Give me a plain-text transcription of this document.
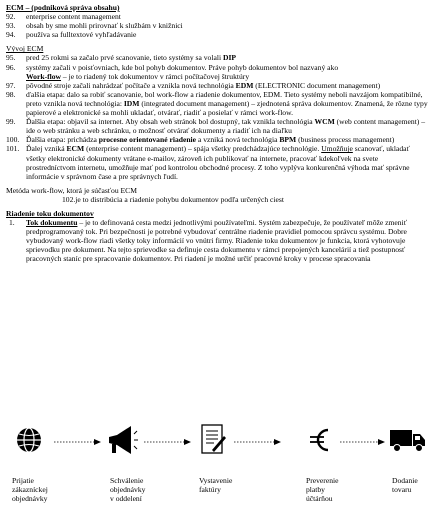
ECM – (podniková správa obsahu)
92.	enterprise content management
93.	obsah by sme mohli prirovnať k službám v knižnici
94.	používa sa fulltextové vyhľadávanie
Vývoj ECM
95.	pred 25 rokmi sa začalo prvé scanovanie, tieto systémy sa volali DIP
96.	systémy začali v poisťovniach, kde bol pohyb dokumentov. Práve pohyb dokumentov bol nazvaný ako
Work-flow – je to riadený tok dokumentov v rámci počítačovej štruktúry
97.	pôvodné stroje začali nahrádzať počítače a vznikla nová technológia EDM (ELECTRONIC document management)
98.	ďalšia etapa: dalo sa robiť scanovanie, bol work-flow a riadenie dokumentov, EDM. Tieto systémy neboli navzájom kompatibilné, preto vznikla nová technológia: IDM (integrated document management) – zjednotená správa dokumentov. Znamená, že rôzne typy papierové a elektronické sa mohli ukladať, otvárať, riadiť a posielať v rámci work-flow.
99.	Ďalšia etapa: objavil sa internet. Aby obsah web stránok bol dostupný, tak vznikla technológia WCM (web content management) – ide o web stránku a web schránku, o možnosť otvárať dokumenty a riadiť ich na diaľku
100. Ďalšia etapa: prichádza procesne orientované riadenie a vzniká nová technológia BPM (business process management)
101. Ďalej vzniká ECM (enterprise content management) – spája všetky predchádzajúce technológie. Umožňuje scanovať, ukladať všetky elektronické dokumenty vrátane e-mailov, zároveň ich publikovať na internete, pracovať kdekoľvek na svete prostredníctvom internetu, umožňuje mať pod kontrolou obchodné procesy. Z toho vyplýva konkurenčná výhoda mať správne informácie v správnom čase a pre správnych ľudí.
Metóda work-flow, ktorá je súčasťou ECM
102.je to distribúcia a riadenie pohybu dokumentov podľa určených ciest
Riadenie toku dokumentov
1.	Tok dokumentu – je to definovaná cesta medzi jednotlivými používateľmi. Systém zabezpečuje, že používateľ môže zmeniť predprogramovaný tok. Pri bezpečnosti je potrebné vybudovať centrálne riadenie pravidiel pomocou správcu systému. Dobre vybudovaný work-flow riadi všetky toky informácií vo vnútri firmy. Riadenie toku dokumentov je funkcia, ktorá vyhotovuje sprievodku pre dokument. Na tejto sprievodke sa definuje cesta dokumentu v rámci prepojených kancelárií a tiež postupnosť pracovných staníc pre spracovanie dokumentov. Pri riadení je možné určiť pracovné kroky v procese spracovania
Prijatie
zákazníckej
objednávky
Schválenie
objednávky
v oddelení
Vystavenie
faktúry
Preverenie
platby
účtárňou
Dodanie
tovaru
